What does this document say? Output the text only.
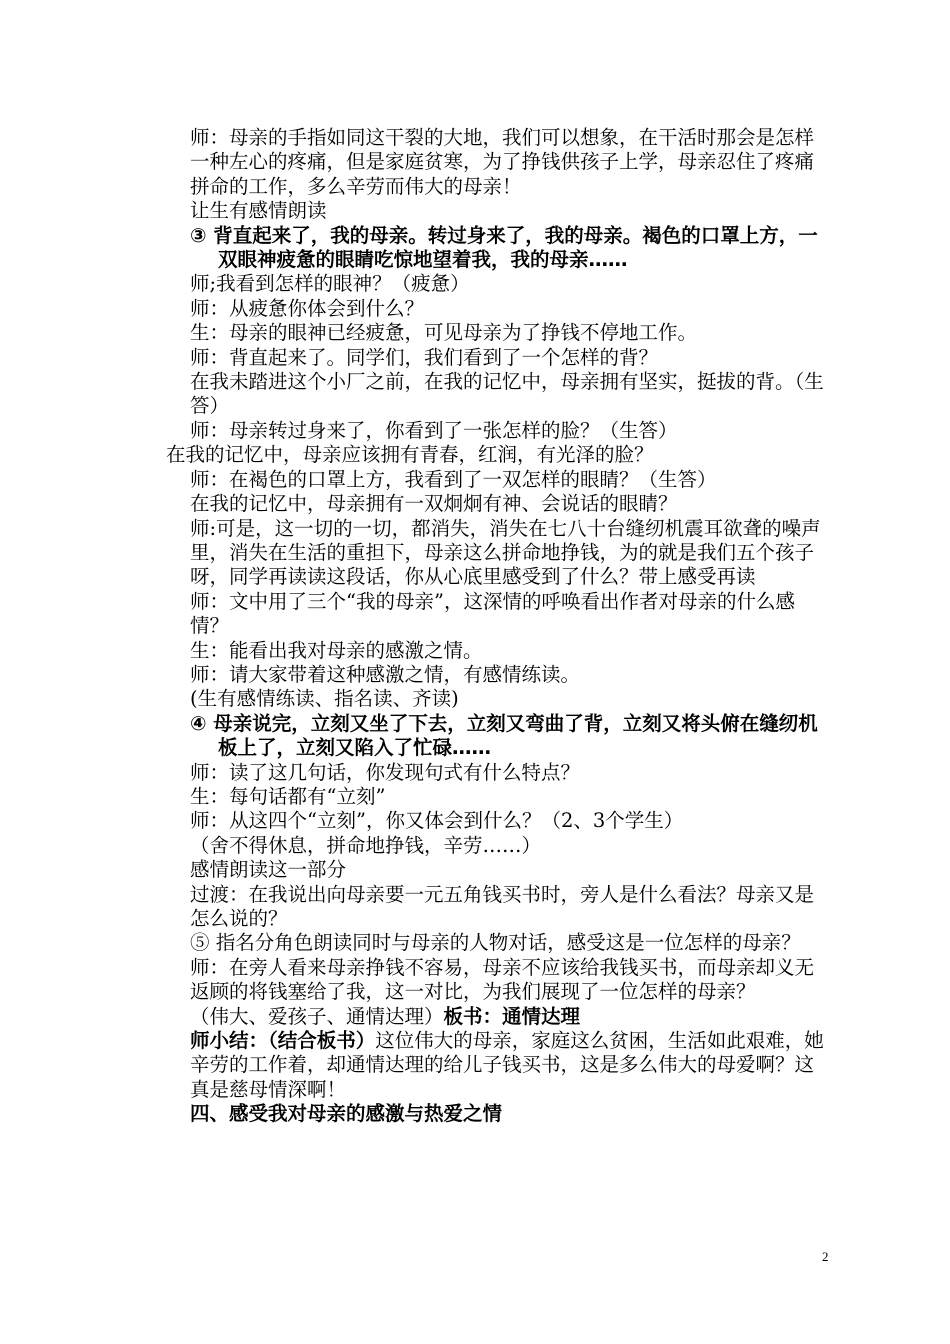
师：母亲的手指如同这干裂的大地，我们可以想象，在干活时那会是怎样一种左心的疼痛，但是家庭贫寒，为了挣钱供孩子上学，母亲忍住了疼痛拼命的工作，多么辛劳而伟大的母亲！

让生有感情朗读

③ 背直起来了，我的母亲。转过身来了，我的母亲。褐色的口罩上方，一双眼神疲惫的眼睛吃惊地望着我，我的母亲……

师;我看到怎样的眼神？（疲惫）

师：从疲惫你体会到什么？

生：母亲的眼神已经疲惫，可见母亲为了挣钱不停地工作。

师：背直起来了。同学们，我们看到了一个怎样的背？

在我未踏进这个小厂之前，在我的记忆中，母亲拥有坚实，挺拔的背。（生答）

师：母亲转过身来了，你看到了一张怎样的脸？（生答）

在我的记忆中，母亲应该拥有青春，红润，有光泽的脸？

师：在褐色的口罩上方，我看到了一双怎样的眼睛？（生答）

在我的记忆中，母亲拥有一双炯炯有神、会说话的眼睛？

师:可是，这一切的一切，都消失，消失在七八十台缝纫机震耳欲聋的噪声里，消失在生活的重担下，母亲这么拼命地挣钱，为的就是我们五个孩子呀，同学再读读这段话，你从心底里感受到了什么？带上感受再读

师：文中用了三个“我的母亲”，这深情的呼唤看出作者对母亲的什么感情？

生：能看出我对母亲的感激之情。

师：请大家带着这种感激之情，有感情练读。

(生有感情练读、指名读、齐读)

④ 母亲说完，立刻又坐了下去，立刻又弯曲了背，立刻又将头俯在缝纫机板上了，立刻又陷入了忙碌……

师：读了这几句话，你发现句式有什么特点？

生：每句话都有“立刻”

师：从这四个“立刻”，你又体会到什么？（2、3个学生）

（舍不得休息，拼命地挣钱，辛劳……）

感情朗读这一部分

过渡：在我说出向母亲要一元五角钱买书时，旁人是什么看法？母亲又是怎么说的？

⑤ 指名分角色朗读同时与母亲的人物对话，感受这是一位怎样的母亲？

师：在旁人看来母亲挣钱不容易，母亲不应该给我钱买书，而母亲却义无返顾的将钱塞给了我，这一对比，为我们展现了一位怎样的母亲？

（伟大、爱孩子、通情达理）板书：通情达理

师小结：（结合板书）这位伟大的母亲，家庭这么贫困，生活如此艰难，她辛劳的工作着，却通情达理的给儿子钱买书，这是多么伟大的母爱啊？这真是慈母情深啊！

四、感受我对母亲的感激与热爱之情

2
